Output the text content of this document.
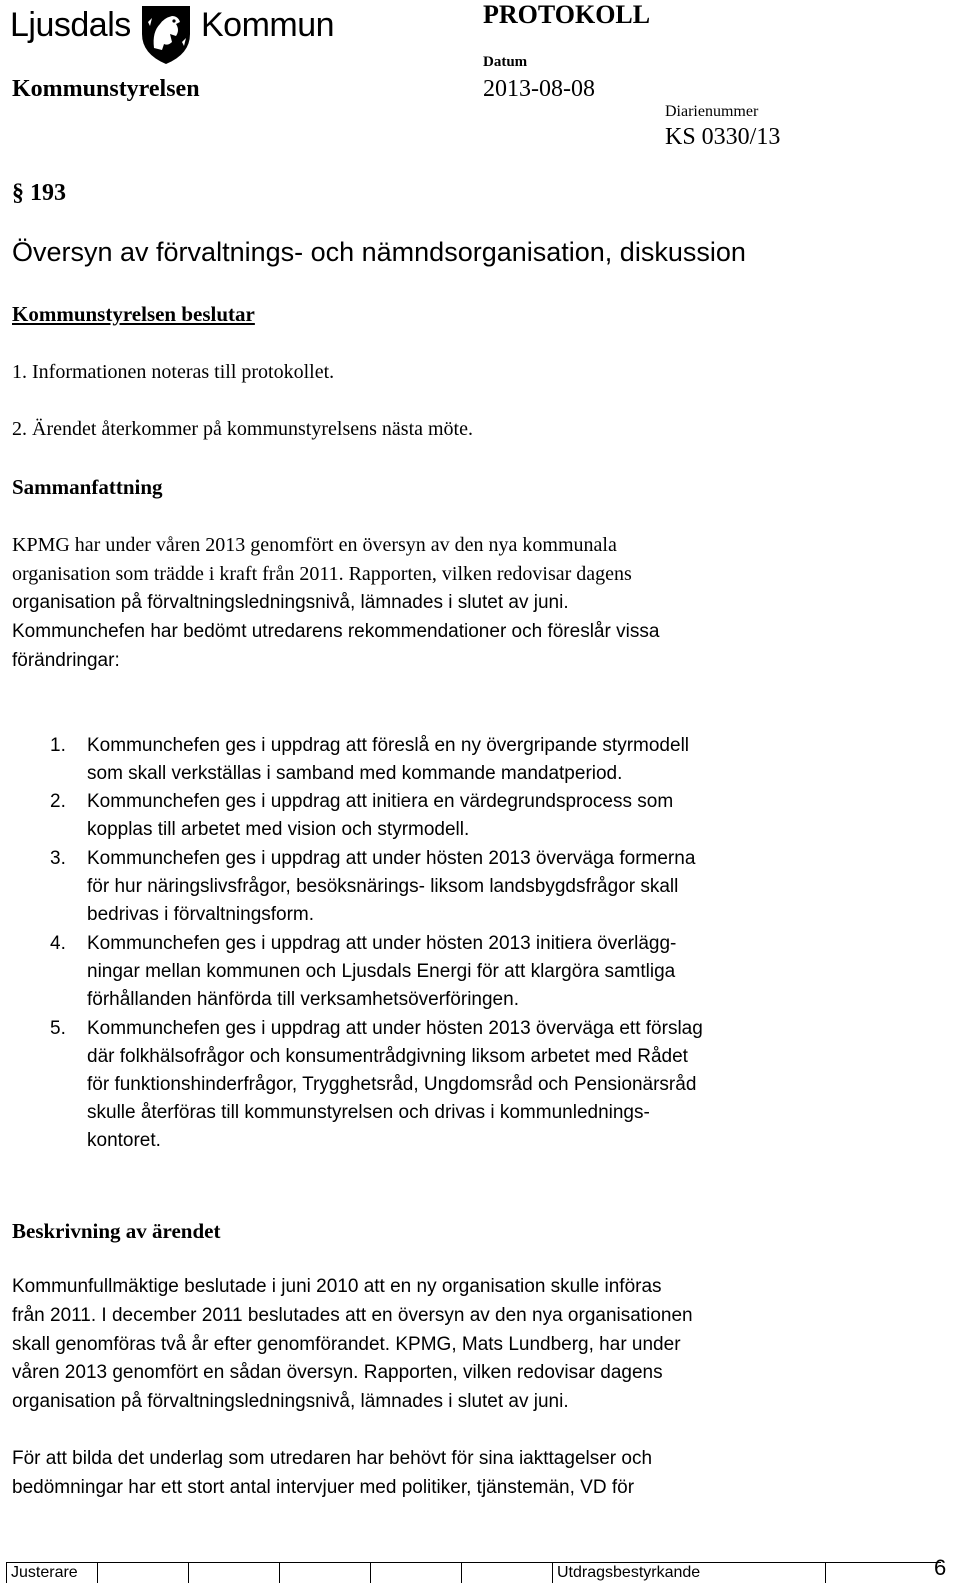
Ljusdals Kommun	PROTOKOLL
Kommunstyrelsen
Datum
2013-08-08
Diarienummer
KS 0330/13
§ 193
Översyn av förvaltnings- och nämndsorganisation, diskussion
Kommunstyrelsen beslutar
1. Informationen noteras till protokollet.
2. Ärendet återkommer på kommunstyrelsens nästa möte.
Sammanfattning
KPMG har under våren 2013 genomfört en översyn av den nya kommunala
organisation som trädde i kraft från 2011. Rapporten, vilken redovisar dagens
organisation på förvaltningsledningsnivå, lämnades i slutet av juni.
Kommunchefen har bedömt utredarens rekommendationer och föreslår vissa
förändringar:
1. Kommunchefen ges i uppdrag att föreslå en ny övergripande styrmodell
som skall verkställas i samband med kommande mandatperiod.
2. Kommunchefen ges i uppdrag att initiera en värdegrundsprocess som
kopplas till arbetet med vision och styrmodell.
3. Kommunchefen ges i uppdrag att under hösten 2013 överväga formerna
för hur näringslivsfrågor, besöksnärings- liksom landsbygdsfrågor skall
bedrivas i förvaltningsform.
4. Kommunchefen ges i uppdrag att under hösten 2013 initiera överlägg-
ningar mellan kommunen och Ljusdals Energi för att klargöra samtliga
förhållanden hänförda till verksamhetsöverföringen.
5. Kommunchefen ges i uppdrag att under hösten 2013 överväga ett förslag
där folkhälsofrågor och konsumentrådgivning liksom arbetet med Rådet
för funktionshinderfrågor, Trygghetsråd, Ungdomsråd och Pensionärsråd
skulle återföras till kommunstyrelsen och drivas i kommunlednings-
kontoret.
Beskrivning av ärendet
Kommunfullmäktige beslutade i juni 2010 att en ny organisation skulle införas
från 2011. I december 2011 beslutades att en översyn av den nya organisationen
skall genomföras två år efter genomförandet. KPMG, Mats Lundberg, har under
våren 2013 genomfört en sådan översyn. Rapporten, vilken redovisar dagens
organisation på förvaltningsledningsnivå, lämnades i slutet av juni.
För att bilda det underlag som utredaren har behövt för sina iakttagelser och
bedömningar har ett stort antal intervjuer med politiker, tjänstemän, VD för
Justerare	Utdragsbestyrkande	6
